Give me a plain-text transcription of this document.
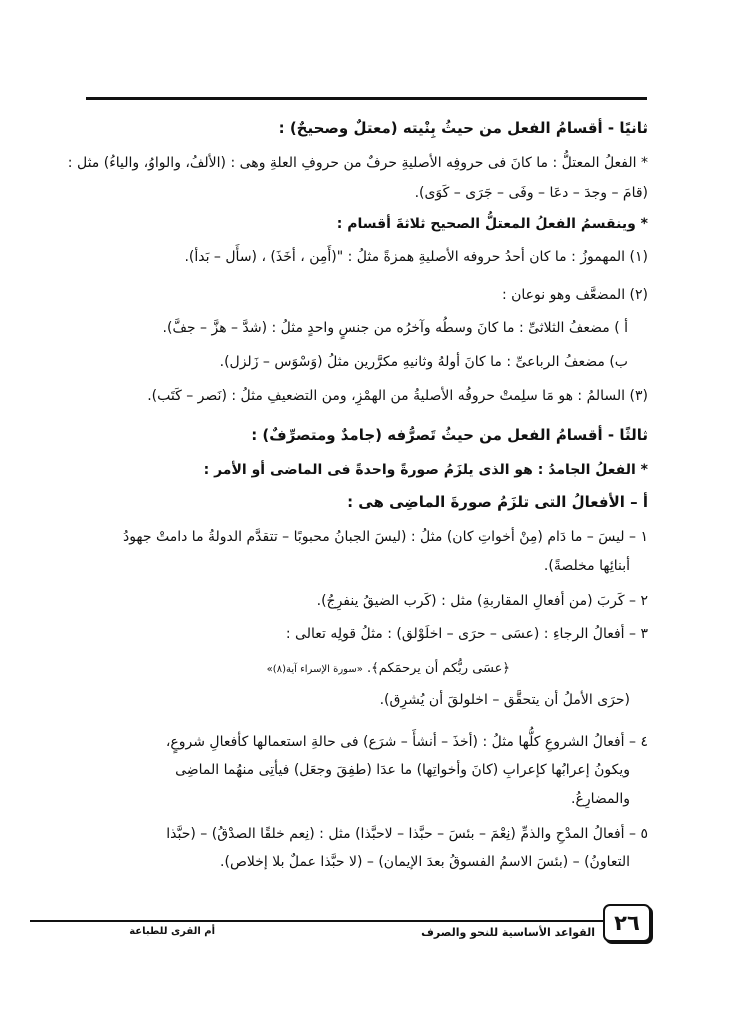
ثانيًا - أقسامُ الفعل من حيثُ بِنْيته (معتلٌ وصحيحٌ) :
* الفعلُ المعتلُّ : ما كانَ فى حروفِه الأصليةِ حرفٌ من حروفِ العلةِ وهى : (الألفُ، والواوُ، والياءُ) مثل :
(قامَ – وجدَ – دعَا – وفَى – جَرَى – كَوَى).
* وينقسمُ الفعلُ المعتلُّ الصحيح ثلاثةَ أقسام :
(١) المهموزُ : ما كان أحدُ حروفه الأصليةِ همزةً مثلُ : "(أَمِن ، أخَذَ) ، (سأَل – بَدأ).
(٢) المضعَّف وهو نوعان :
أ ) مضعفُ الثلاثىِّ : ما كانَ وسطُه وآخرُه من جنسٍ واحدٍ مثلُ : (شدَّ – هزَّ – جفَّ).
ب) مضعفُ الرباعىِّ : ما كانَ أولهُ وثانيهِ مكرَّرين مثلُ (وَسْوَس – زَلزل).
(٣) السالمُ : هو مَا سلِمتْ حروفُه الأصليةُ من الهمْزِ، ومن التضعيفِ مثلُ : (نَصر – كَتَب).
ثالثًا - أقسامُ الفعل من حيثُ تَصرُّفه (جامدٌ ومتصرِّفٌ) :
* الفعلُ الجامدُ : هو الذى يلزَمُ صورةً واحدةً فى الماضى أو الأمر :
أ – الأفعالُ التى تلزَمُ صورةَ الماضِى هى :
١ – ليسَ – ما دَام (مِنْ أخواتِ كان) مثلُ : (ليسَ الجبانُ محبوبًا – تتقدَّم الدولةُ ما دامتْ جهودُ
أبنائِها مخلصةً).
٢ – كَربَ (من أفعالِ المقاربةِ) مثل : (كَرب الضيقُ ينفرِجُ).
٣ – أفعالُ الرجاءِ : (عسَى – حرَى – اخلَوْلق) : مثلُ قولِه تعالى :
﴿عسَى ربُّكم أن يرحمَكم﴾. «سورة الإسراء آية(٨)»
(حرَى الأملُ أن يتحقَّق – اخلولقَ أن يُشرِق).
٤ – أفعالُ الشروعِ كلُّها مثلُ : (أخذَ – أنشأَ – شرَع) فى حالةِ استعمالها كأفعالِ شروعٍ،
ويكونُ إعرابُها كإعرابِ (كانَ وأخواتِها) ما عدَا (طفِقَ وجعَل) فيأتِى منهُما الماضِى
والمضارِعُ.
٥ – أفعالُ المدْحِ والذمِّ (نِعْمَ – بئسَ – حبَّذا – لاحبَّذا) مثل : (نِعم خلقًا الصدْقُ) – (حبَّذا
التعاونُ) – (بئسَ الاسمُ الفسوقُ بعدَ الإيمان) – (لا حبَّذا عملٌ بلا إخلاص).
٢٦
القواعد الأساسية للنحو والصرف
أم القرى للطباعة
